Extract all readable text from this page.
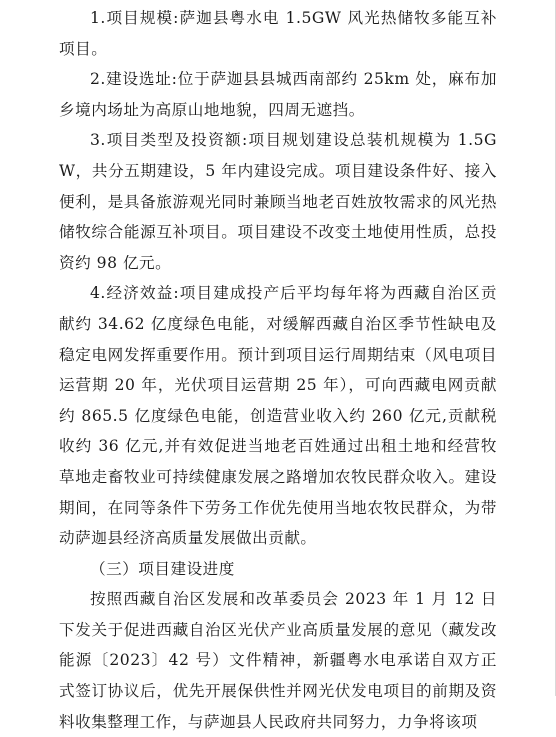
1.项目规模:萨迦县粤水电 1.5GW 风光热储牧多能互补项目。

2.建设选址:位于萨迦县县城西南部约 25km 处，麻布加乡境内场址为高原山地地貌，四周无遮挡。

3.项目类型及投资额:项目规划建设总装机规模为 1.5GW，共分五期建设，5 年内建设完成。项目建设条件好、接入便利，是具备旅游观光同时兼顾当地老百姓放牧需求的风光热储牧综合能源互补项目。项目建设不改变土地使用性质，总投资约 98 亿元。

4.经济效益:项目建成投产后平均每年将为西藏自治区贡献约 34.62 亿度绿色电能，对缓解西藏自治区季节性缺电及稳定电网发挥重要作用。预计到项目运行周期结束（风电项目运营期 20 年，光伏项目运营期 25 年），可向西藏电网贡献约 865.5 亿度绿色电能，创造营业收入约 260 亿元,贡献税收约 36 亿元,并有效促进当地老百姓通过出租土地和经营牧草地走畜牧业可持续健康发展之路增加农牧民群众收入。建设期间，在同等条件下劳务工作优先使用当地农牧民群众，为带动萨迦县经济高质量发展做出贡献。

（三）项目建设进度

按照西藏自治区发展和改革委员会 2023 年 1 月 12 日下发关于促进西藏自治区光伏产业高质量发展的意见（藏发改能源〔2023〕42 号）文件精神，新疆粤水电承诺自双方正式签订协议后，优先开展保供性并网光伏发电项目的前期及资料收集整理工作，与萨迦县人民政府共同努力，力争将该项
